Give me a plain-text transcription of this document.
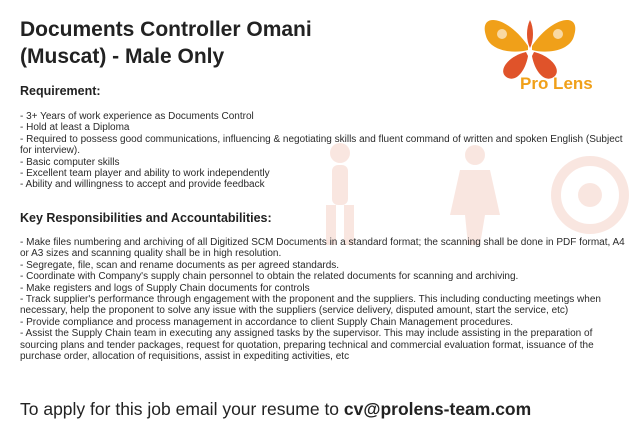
Documents Controller Omani
(Muscat) - Male Only
Pro Lens
Requirement:
- 3+ Years of work experience as Documents Control
- Hold at least a Diploma
- Required to possess good communications, influencing & negotiating skills and fluent command of written and spoken English (Subject for interview).
- Basic computer skills
- Excellent team player and ability to work independently
- Ability and willingness to accept and provide feedback
Key Responsibilities and Accountabilities:
- Make files numbering and archiving of all Digitized SCM Documents in a standard format; the scanning shall be done in PDF format, A4 or A3 sizes and scanning quality shall be in high resolution.
- Segregate, file, scan and rename documents as per agreed standards.
- Coordinate with Company's supply chain personnel to obtain the related documents for scanning and archiving.
- Make registers and logs of Supply Chain documents for controls
- Track supplier's performance through engagement with the proponent and the suppliers. This including conducting meetings when necessary, help the proponent to solve any issue with the suppliers (service delivery, disputed amount, start the service, etc)
- Provide compliance and process management in accordance to client Supply Chain Management procedures.
- Assist the Supply Chain team in executing any assigned tasks by the supervisor. This may include assisting in the preparation of sourcing plans and tender packages, request for quotation, preparing technical and commercial evaluation format, issuance of the purchase order, allocation of requisitions, assist in expediting activities, etc
To apply for this job email your resume to cv@prolens-team.com
